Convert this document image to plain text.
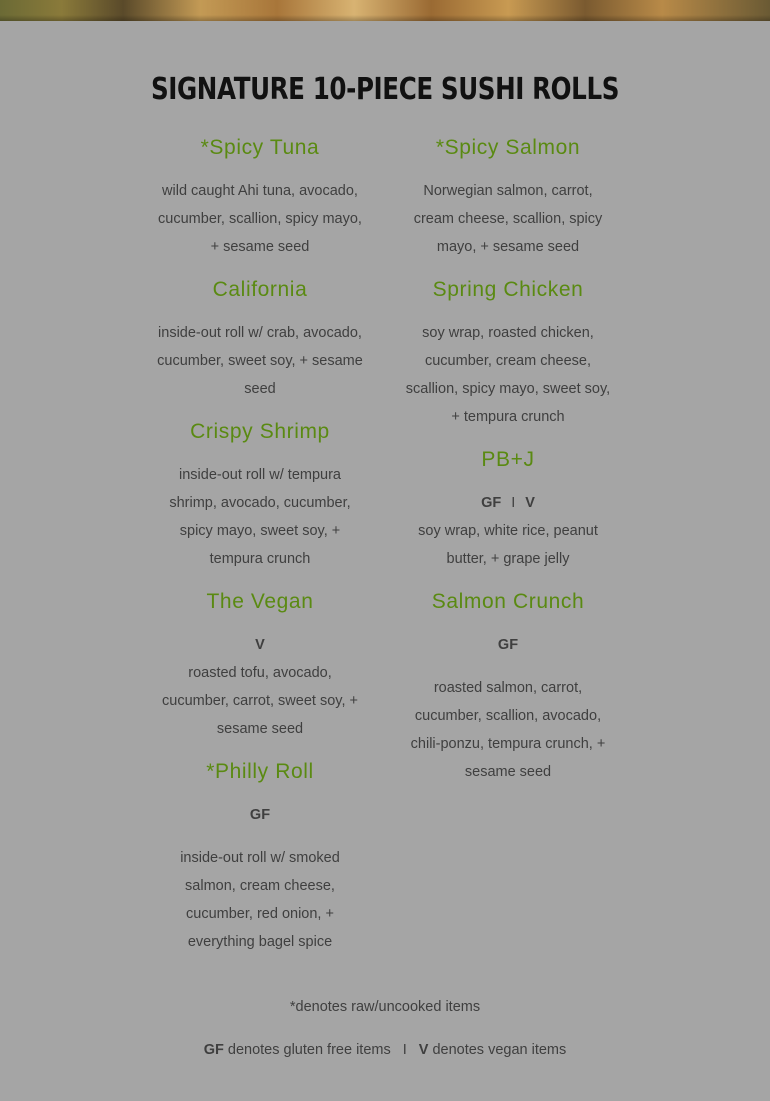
SIGNATURE 10-PIECE SUSHI ROLLS
*Spicy Tuna
wild caught Ahi tuna, avocado, cucumber, scallion, spicy mayo, + sesame seed
California
inside-out roll w/ crab, avocado, cucumber, sweet soy, + sesame seed
Crispy Shrimp
inside-out roll w/ tempura shrimp, avocado, cucumber, spicy mayo, sweet soy, + tempura crunch
The Vegan
V
roasted tofu, avocado, cucumber, carrot, sweet soy, + sesame seed
*Philly Roll
GF
inside-out roll w/ smoked salmon, cream cheese, cucumber, red onion, + everything bagel spice
*Spicy Salmon
Norwegian salmon, carrot, cream cheese, scallion, spicy mayo, + sesame seed
Spring Chicken
soy wrap, roasted chicken, cucumber, cream cheese, scallion, spicy mayo, sweet soy, + tempura crunch
PB+J
GF I V
soy wrap, white rice, peanut butter, + grape jelly
Salmon Crunch
GF
roasted salmon, carrot, cucumber, scallion, avocado, chili-ponzu, tempura crunch, + sesame seed
*denotes raw/uncooked items
GF denotes gluten free items I V denotes vegan items
